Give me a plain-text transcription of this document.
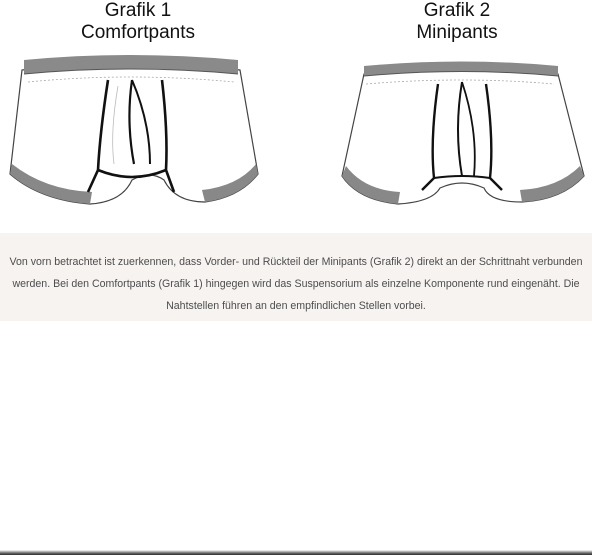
Grafik 1
Comfortpants
Grafik 2
Minipants
Von vorn betrachtet ist zuerkennen, dass Vorder- und Rückteil der Minipants (Grafik 2) direkt an der Schrittnaht verbunden werden. Bei den Comfortpants (Grafik 1) hingegen wird das Suspensorium als einzelne Komponente rund eingenäht. Die Nahtstellen führen an den empfindlichen Stellen vorbei.
